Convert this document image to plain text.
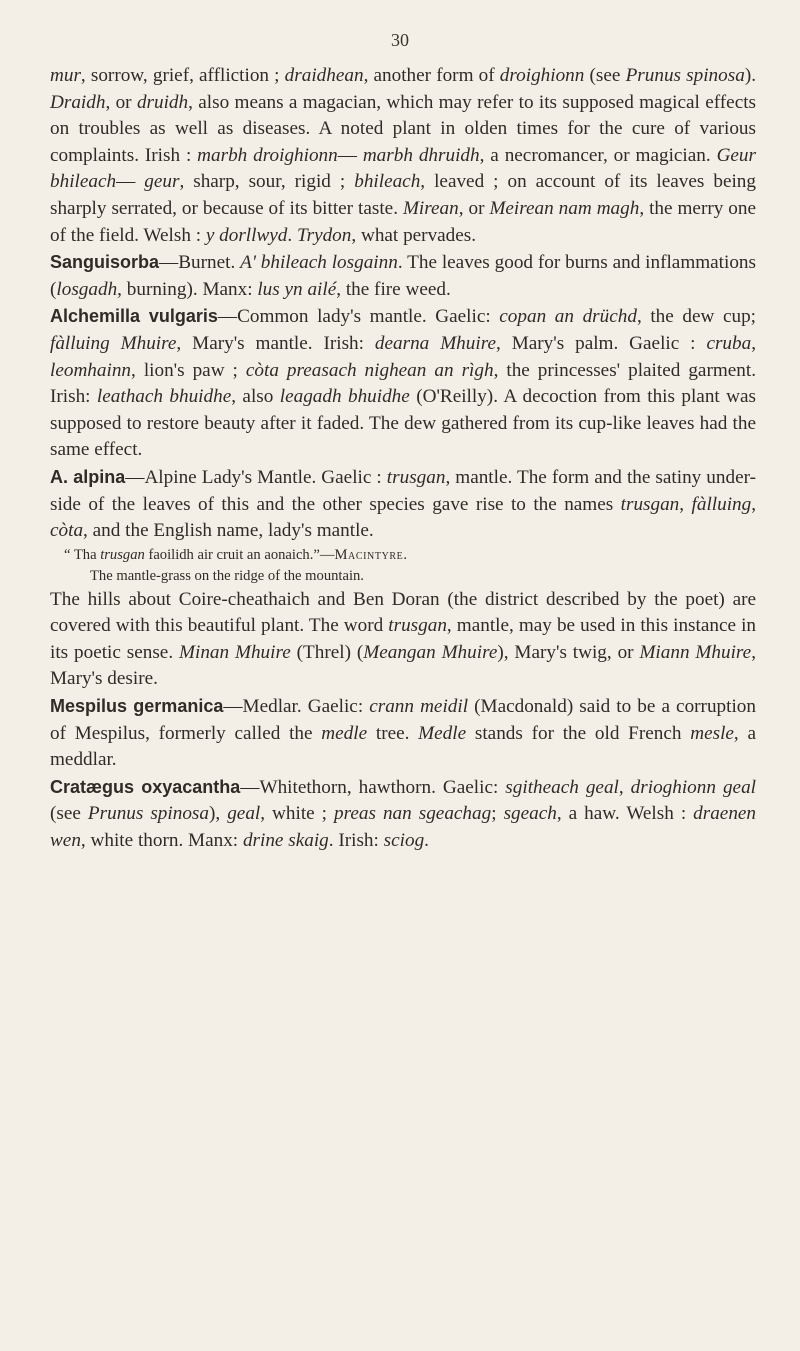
30

mur, sorrow, grief, affliction ; draidhean, another form of droighionn (see Prunus spinosa). Draidh, or druidh, also means a magacian, which may refer to its supposed magical effects on troubles as well as diseases. A noted plant in olden times for the cure of various complaints. Irish : marbh droighionn— marbh dhruidh, a necromancer, or magician. Geur bhileach— geur, sharp, sour, rigid ; bhileach, leaved ; on account of its leaves being sharply serrated, or because of its bitter taste. Mirean, or Meirean nam magh, the merry one of the field. Welsh : y dorllwyd. Trydon, what pervades.

Sanguisorba—Burnet. A' bhileach losgainn. The leaves good for burns and inflammations (losgadh, burning). Manx: lus yn ailé, the fire weed.

Alchemilla vulgaris—Common lady's mantle. Gaelic: copan an drüchd, the dew cup; fàlluing Mhuire, Mary's mantle. Irish: dearna Mhuire, Mary's palm. Gaelic : cruba, leomhainn, lion's paw ; còta preasach nighean an rìgh, the princesses' plaited garment. Irish: leathach bhuidhe, also leagadh bhuidhe (O'Reilly). A decoction from this plant was supposed to restore beauty after it faded. The dew gathered from its cup-like leaves had the same effect.

A. alpina—Alpine Lady's Mantle. Gaelic : trusgan, mantle. The form and the satiny under-side of the leaves of this and the other species gave rise to the names trusgan, fàlluing, còta, and the English name, lady's mantle.

“ Tha trusgan faoilidh air cruit an aonaich.”—Macintyre.

The mantle-grass on the ridge of the mountain.

The hills about Coire-cheathaich and Ben Doran (the district described by the poet) are covered with this beautiful plant. The word trusgan, mantle, may be used in this instance in its poetic sense. Minan Mhuire (Threl) (Meangan Mhuire), Mary's twig, or Miann Mhuire, Mary's desire.

Mespilus germanica—Medlar. Gaelic: crann meidil (Macdonald) said to be a corruption of Mespilus, formerly called the medle tree. Medle stands for the old French mesle, a meddlar.

Cratægus oxyacantha—Whitethorn, hawthorn. Gaelic: sgitheach geal, drioghionn geal (see Prunus spinosa), geal, white ; preas nan sgeachag; sgeach, a haw. Welsh : draenen wen, white thorn. Manx: drine skaig. Irish: sciog.
